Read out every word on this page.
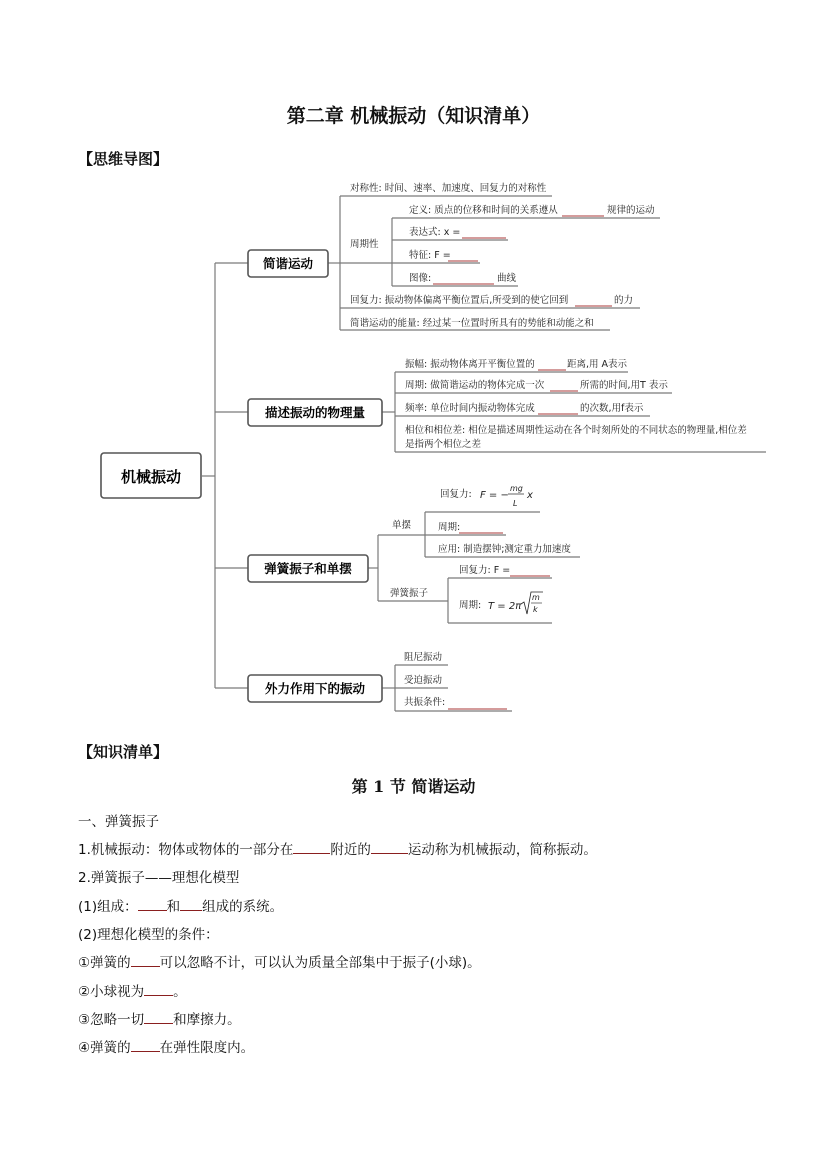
第二章 机械振动（知识清单）
【思维导图】
机械振动
简谐运动
描述振动的物理量
弹簧振子和单摆
外力作用下的振动
对称性: 时间、速率、加速度、回复力的对称性
周期性
定义: 质点的位移和时间的关系遵从	规律的运动
表达式: x =
特征: F =
图像:	曲线
回复力: 振动物体偏离平衡位置后,所受到的使它回到	的力
简谐运动的能量: 经过某一位置时所具有的势能和动能之和
振幅: 振动物体离开平衡位置的	距离,用 A表示
周期: 做简谐运动的物体完成一次	所需的时间,用T 表示
频率: 单位时间内振动物体完成	的次数,用f表示
相位和相位差: 相位是描述周期性运动在各个时刻所处的不同状态的物理量,相位差
是指两个相位之差
单摆
回复力: F = −
mg
L
x
周期:
应用: 制造摆钟;测定重力加速度
弹簧振子
回复力: F =
周期: T = 2π
m
k
阻尼振动
受迫振动
共振条件:
【知识清单】
第 1 节 简谐运动
一、弹簧振子
1.机械振动：物体或物体的一部分在	附近的	运动称为机械振动，简称振动。
2.弹簧振子——理想化模型
(1)组成： 和 组成的系统。
(2)理想化模型的条件：
①弹簧的 可以忽略不计，可以认为质量全部集中于振子(小球)。
②小球视为 。
③忽略一切 和摩擦力。
④弹簧的 在弹性限度内。
